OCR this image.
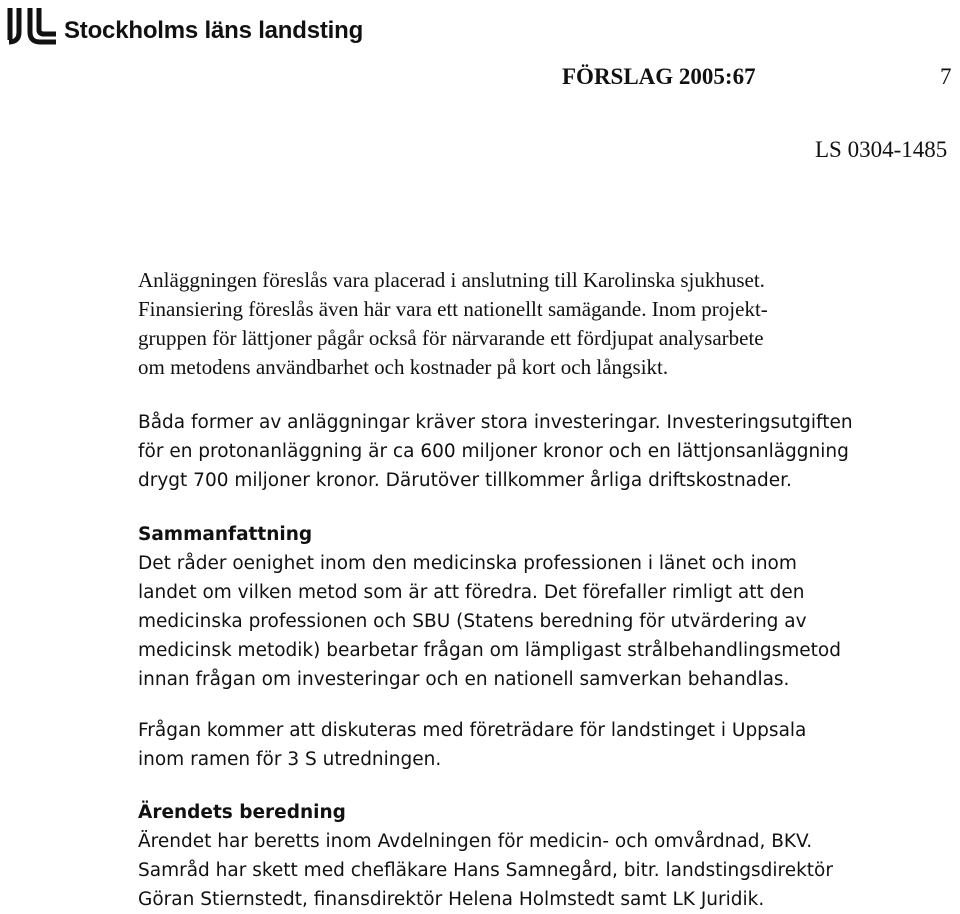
Stockholms läns landsting
FÖRSLAG 2005:67	7
LS 0304-1485

Anläggningen föreslås vara placerad i anslutning till Karolinska sjukhuset.
Finansiering föreslås även här vara ett nationellt samägande. Inom projekt-
gruppen för lättjoner pågår också för närvarande ett fördjupat analysarbete
om metodens användbarhet och kostnader på kort och långsikt.

Båda former av anläggningar kräver stora investeringar. Investeringsutgiften
för en protonanläggning är ca 600 miljoner kronor och en lättjonsanläggning
drygt 700 miljoner kronor. Därutöver tillkommer årliga driftskostnader.

Sammanfattning

Det råder oenighet inom den medicinska professionen i länet och inom
landet om vilken metod som är att föredra. Det förefaller rimligt att den
medicinska professionen och SBU (Statens beredning för utvärdering av
medicinsk metodik) bearbetar frågan om lämpligast strålbehandlingsmetod
innan frågan om investeringar och en nationell samverkan behandlas.

Frågan kommer att diskuteras med företrädare för landstinget i Uppsala
inom ramen för 3 S utredningen.

Ärendets beredning

Ärendet har beretts inom Avdelningen för medicin- och omvårdnad, BKV.
Samråd har skett med chefläkare Hans Samnegård, bitr. landstingsdirektör
Göran Stiernstedt, finansdirektör Helena Holmstedt samt LK Juridik.
